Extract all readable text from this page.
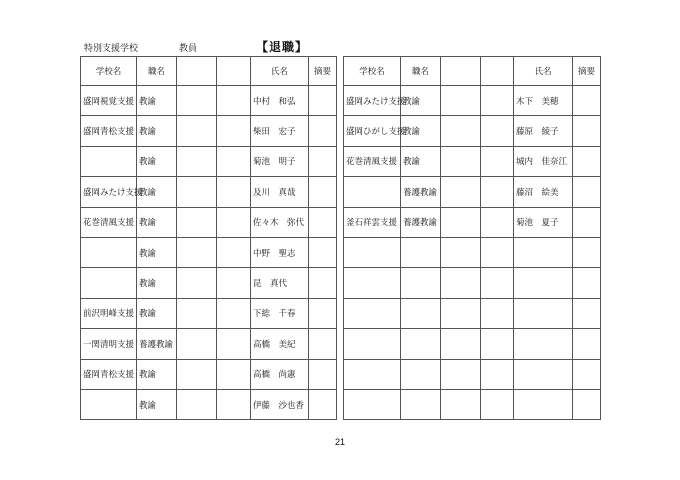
特別支援学校	教員	【退職】
学校名	職名			氏名	摘要
盛岡視覚支援	教諭			中村　和弘	
盛岡青松支援	教諭			柴田　宏子	
	教諭			菊池　明子	
盛岡みたけ支援	教諭			及川　真哉	
花巻清風支援	教諭			佐々木　弥代	
	教諭			中野　聖志	
	教諭			昆　真代	
前沢明峰支援	教諭			下総　千春	
一関清明支援	養護教諭			高橋　美紀	
盛岡青松支援	教諭			高橋　尚憲	
	教諭			伊藤　沙也香	
学校名	職名			氏名	摘要
盛岡みたけ支援	教諭			木下　美穂	
盛岡ひがし支援	教諭			藤原　綾子	
花巻清風支援	教諭			城内　佳奈江	
	養護教諭			藤沼　絵美	
釜石祥雲支援	養護教諭			菊池　夏子	

21
